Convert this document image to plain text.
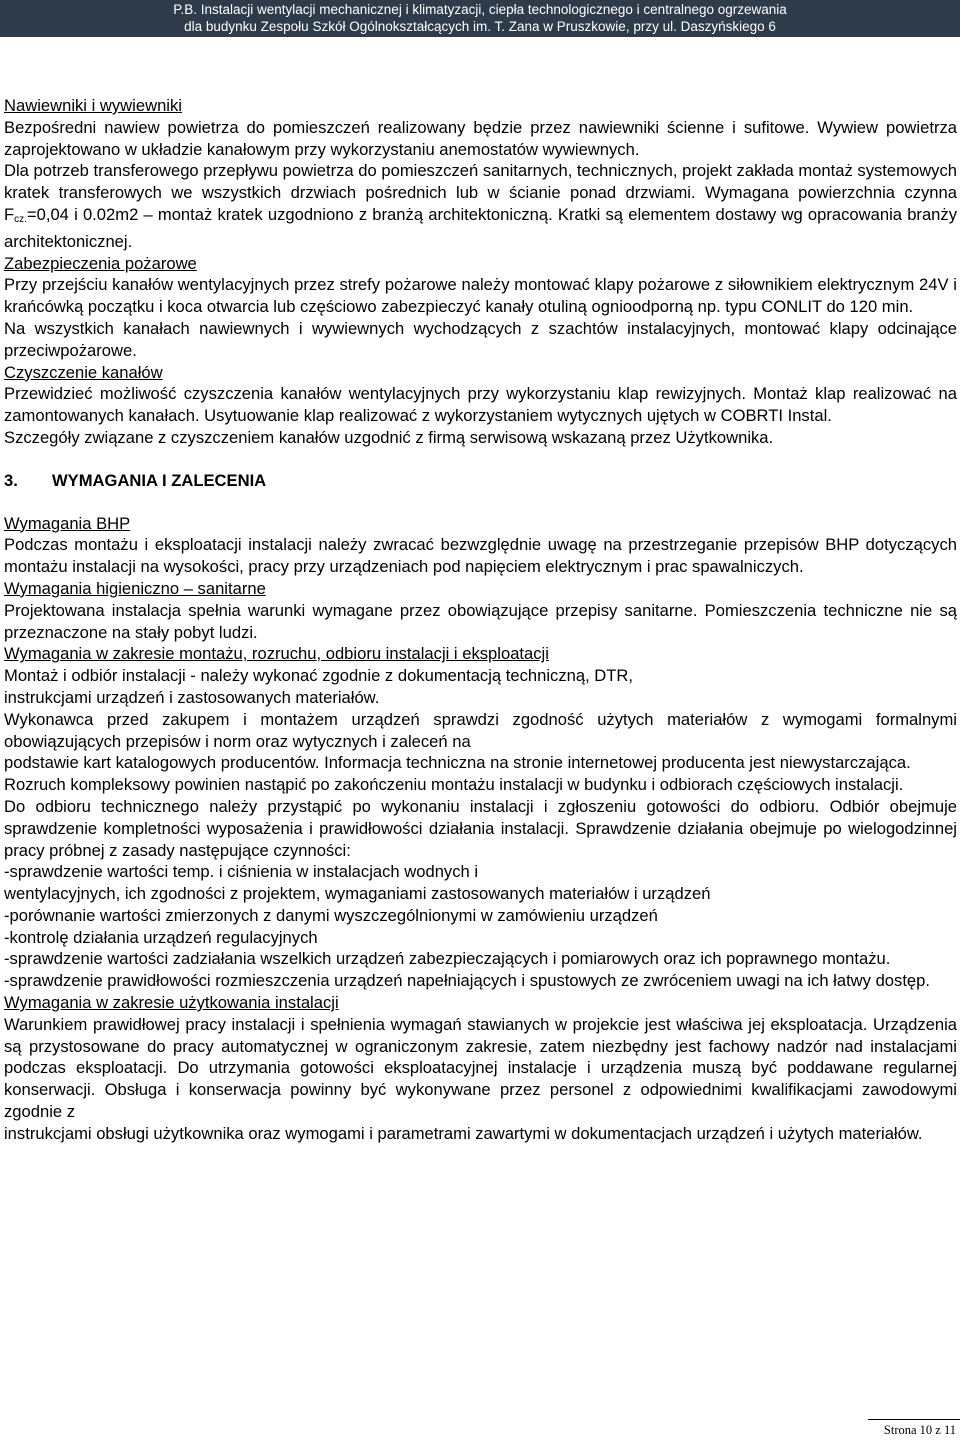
P.B. Instalacji wentylacji mechanicznej i klimatyzacji, ciepła technologicznego i centralnego ogrzewania
dla budynku Zespołu Szkół Ogólnokształcących im. T. Zana w Pruszkowie, przy ul. Daszyńskiego 6

Nawiewniki i wywiewniki

Bezpośredni nawiew powietrza do pomieszczeń realizowany będzie przez nawiewniki ścienne i sufitowe. Wywiew powietrza zaprojektowano w układzie kanałowym przy wykorzystaniu anemostatów wywiewnych.

Dla potrzeb transferowego przepływu powietrza do pomieszczeń sanitarnych, technicznych, projekt zakłada montaż systemowych kratek transferowych we wszystkich drzwiach pośrednich lub w ścianie ponad drzwiami. Wymagana powierzchnia czynna $F_{cz.}=0,04$ i 0.02m2 – montaż kratek uzgodniono z branżą architektoniczną. Kratki są elementem dostawy wg opracowania branży architektonicznej.

Zabezpieczenia pożarowe

Przy przejściu kanałów wentylacyjnych przez strefy pożarowe należy montować klapy pożarowe z siłownikiem elektrycznym 24V i krańcówką początku i koca otwarcia lub częściowo zabezpieczyć kanały otuliną ognioodporną np. typu CONLIT do 120 min.

Na wszystkich kanałach nawiewnych i wywiewnych wychodzących z szachtów instalacyjnych, montować klapy odcinające przeciwpożarowe.

Czyszczenie kanałów

Przewidzieć możliwość czyszczenia kanałów wentylacyjnych przy wykorzystaniu klap rewizyjnych. Montaż klap realizować na zamontowanych kanałach. Usytuowanie klap realizować z wykorzystaniem wytycznych ujętych w COBRTI Instal.

Szczegóły związane z czyszczeniem kanałów uzgodnić z firmą serwisową wskazaną przez Użytkownika.

3.	WYMAGANIA I ZALECENIA

Wymagania BHP

Podczas montażu i eksploatacji instalacji należy zwracać bezwzględnie uwagę na przestrzeganie przepisów BHP dotyczących montażu instalacji na wysokości, pracy przy urządzeniach pod napięciem elektrycznym i prac spawalniczych.

Wymagania higieniczno – sanitarne

Projektowana instalacja spełnia warunki wymagane przez obowiązujące przepisy sanitarne. Pomieszczenia techniczne nie są przeznaczone na stały pobyt ludzi.

Wymagania w zakresie montażu, rozruchu, odbioru instalacji i eksploatacji

Montaż i odbiór instalacji - należy wykonać zgodnie z dokumentacją techniczną, DTR,

instrukcjami urządzeń i zastosowanych materiałów.

Wykonawca przed zakupem i montażem urządzeń sprawdzi zgodność użytych materiałów z wymogami formalnymi obowiązujących przepisów i norm oraz wytycznych i zaleceń na

podstawie kart katalogowych producentów. Informacja techniczna na stronie internetowej producenta jest niewystarczająca.

Rozruch kompleksowy powinien nastąpić po zakończeniu montażu instalacji w budynku i odbiorach częściowych instalacji.

Do odbioru technicznego należy przystąpić po wykonaniu instalacji i zgłoszeniu gotowości do odbioru. Odbiór obejmuje sprawdzenie kompletności wyposażenia i prawidłowości działania instalacji. Sprawdzenie działania obejmuje po wielogodzinnej pracy próbnej z zasady następujące czynności:

-sprawdzenie wartości temp. i ciśnienia w instalacjach wodnych i

wentylacyjnych, ich zgodności z projektem, wymaganiami zastosowanych materiałów i urządzeń

-porównanie wartości zmierzonych z danymi wyszczególnionymi w zamówieniu urządzeń

-kontrolę działania urządzeń regulacyjnych

-sprawdzenie wartości zadziałania wszelkich urządzeń zabezpieczających i pomiarowych oraz ich poprawnego montażu.

-sprawdzenie prawidłowości rozmieszczenia urządzeń napełniających i spustowych ze zwróceniem uwagi na ich łatwy dostęp.

Wymagania w zakresie użytkowania instalacji

Warunkiem prawidłowej pracy instalacji i spełnienia wymagań stawianych w projekcie jest właściwa jej eksploatacja. Urządzenia są przystosowane do pracy automatycznej w ograniczonym zakresie, zatem niezbędny jest fachowy nadzór nad instalacjami podczas eksploatacji. Do utrzymania gotowości eksploatacyjnej instalacje i urządzenia muszą być poddawane regularnej konserwacji. Obsługa i konserwacja powinny być wykonywane przez personel z odpowiednimi kwalifikacjami zawodowymi zgodnie z

instrukcjami obsługi użytkownika oraz wymogami i parametrami zawartymi w dokumentacjach urządzeń i użytych materiałów.

Strona 10 z 11
